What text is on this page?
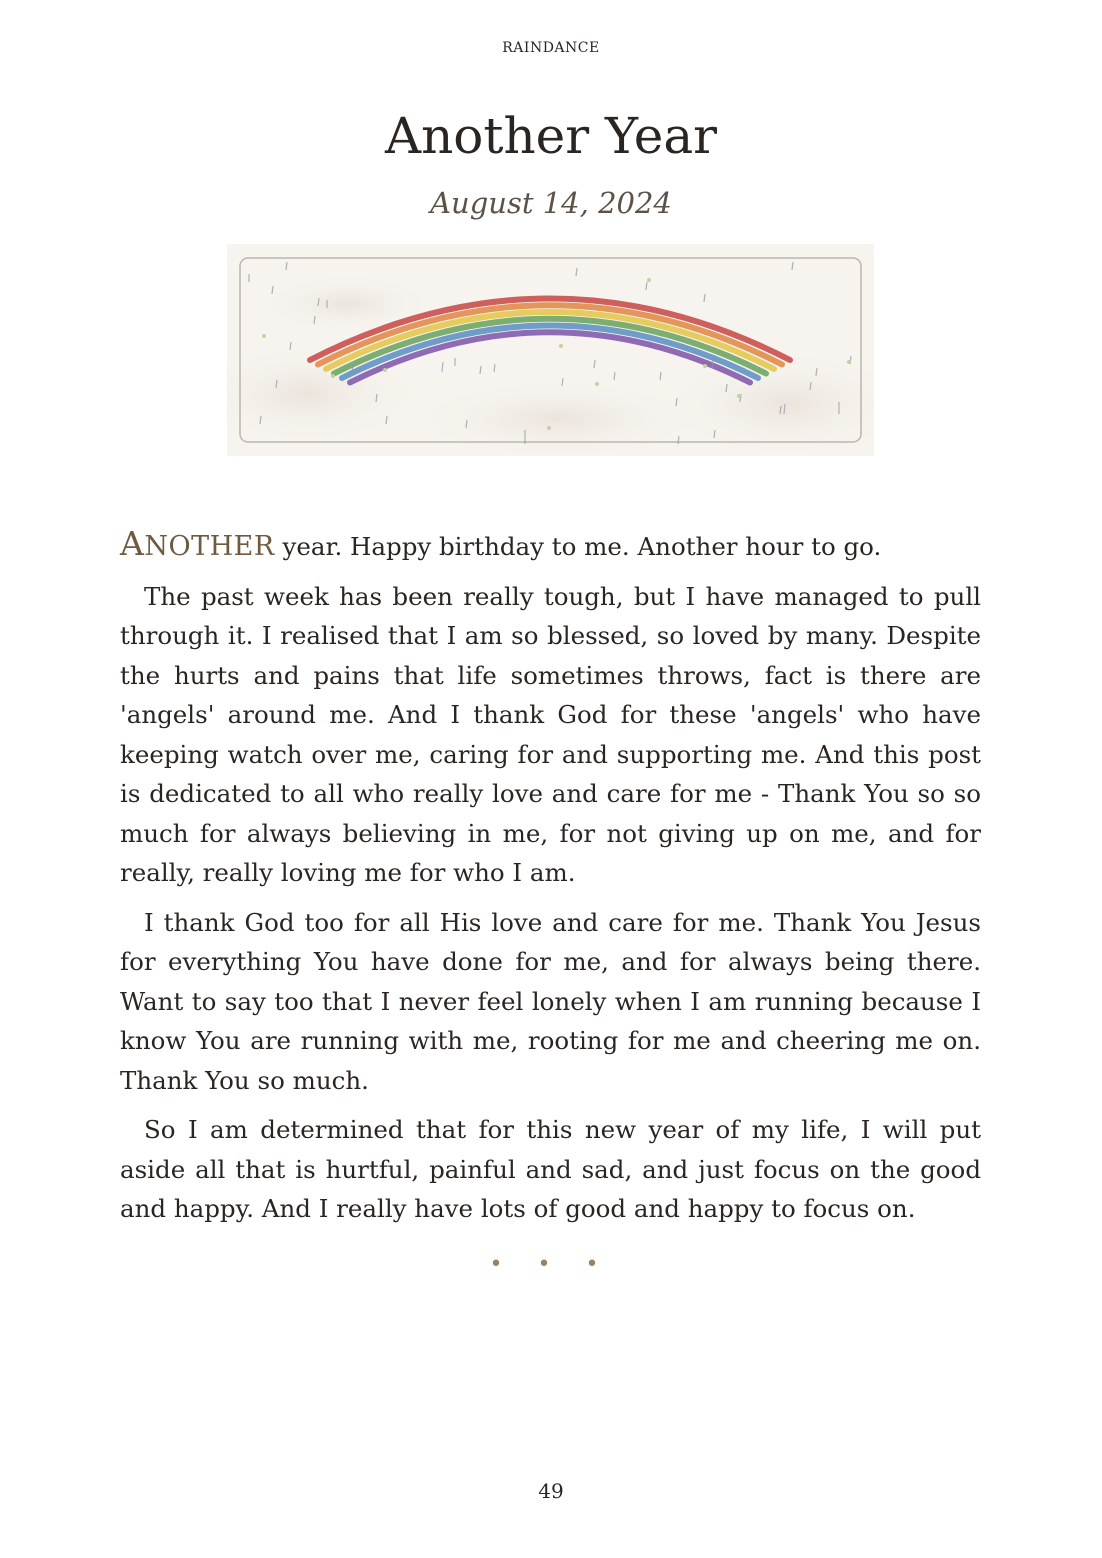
RAINDANCE
Another Year
August 14, 2024

ANOTHER year. Happy birthday to me. Another hour to go.

The past week has been really tough, but I have managed to pull through it. I realised that I am so blessed, so loved by many. Despite the hurts and pains that life sometimes throws, fact is there are 'angels' around me. And I thank God for these 'angels' who have keeping watch over me, caring for and supporting me. And this post is dedicated to all who really love and care for me - Thank You so so much for always believing in me, for not giving up on me, and for really, really loving me for who I am.

I thank God too for all His love and care for me. Thank You Jesus for everything You have done for me, and for always being there. Want to say too that I never feel lonely when I am running because I know You are running with me, rooting for me and cheering me on. Thank You so much.

So I am determined that for this new year of my life, I will put aside all that is hurtful, painful and sad, and just focus on the good and happy. And I really have lots of good and happy to focus on.

• • •
49
